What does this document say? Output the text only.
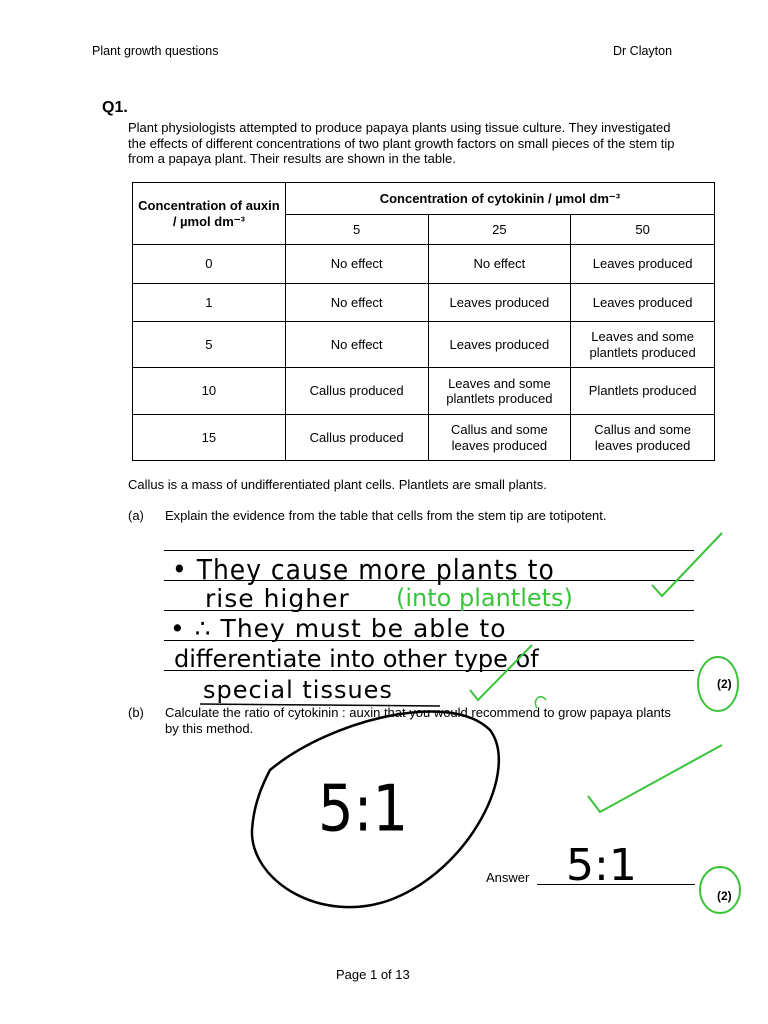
Plant growth questions	Dr Clayton
Q1.
Plant physiologists attempted to produce papaya plants using tissue culture. They investigated the effects of different concentrations of two plant growth factors on small pieces of the stem tip from a papaya plant. Their results are shown in the table.
Concentration of auxin / µmol dm⁻³	Concentration of cytokinin / µmol dm⁻³		
	5	25	50
0	No effect	No effect	Leaves produced
1	No effect	Leaves produced	Leaves produced
5	No effect	Leaves produced	Leaves and some plantlets produced
10	Callus produced	Leaves and some plantlets produced	Plantlets produced
15	Callus produced	Callus and some leaves produced	Callus and some leaves produced
Callus is a mass of undifferentiated plant cells. Plantlets are small plants.
(a) Explain the evidence from the table that cells from the stem tip are totipotent.
• They cause more plants to
rise higher (into plantlets)
• ∴ They must be able to
differentiate into other type of
special tissues	(2)
(b) Calculate the ratio of cytokinin : auxin that you would recommend to grow papaya plants by this method.
5:1
Answer 5:1
(2)
Page 1 of 13
